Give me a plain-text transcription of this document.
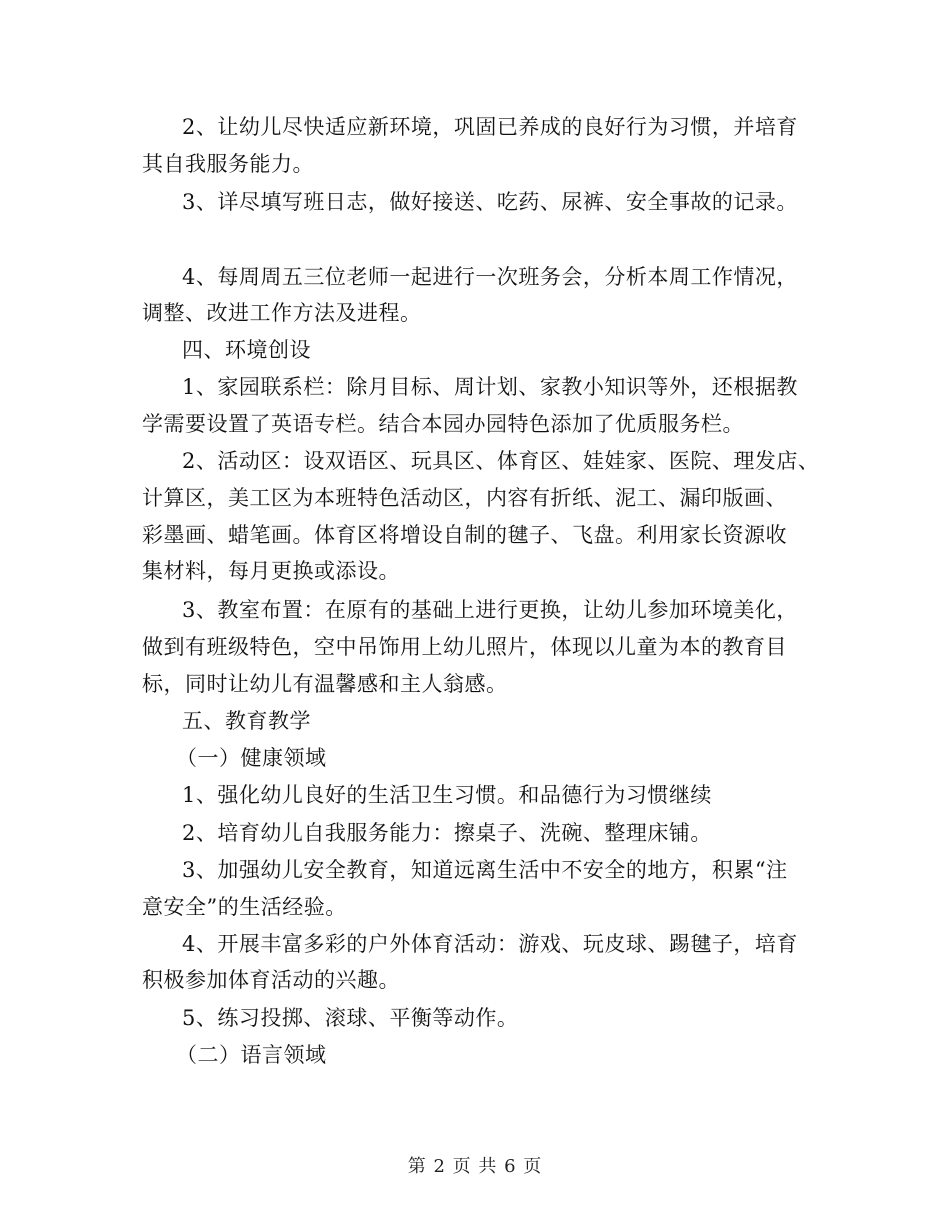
2、让幼儿尽快适应新环境，巩固已养成的良好行为习惯，并培育
其自我服务能力。
3、详尽填写班日志，做好接送、吃药、尿裤、安全事故的记录。
4、每周周五三位老师一起进行一次班务会，分析本周工作情况，
调整、改进工作方法及进程。
四、环境创设
1、家园联系栏：除月目标、周计划、家教小知识等外，还根据教
学需要设置了英语专栏。结合本园办园特色添加了优质服务栏。
2、活动区：设双语区、玩具区、体育区、娃娃家、医院、理发店、
计算区，美工区为本班特色活动区，内容有折纸、泥工、漏印版画、
彩墨画、蜡笔画。体育区将增设自制的毽子、飞盘。利用家长资源收
集材料，每月更换或添设。
3、教室布置：在原有的基础上进行更换，让幼儿参加环境美化，
做到有班级特色，空中吊饰用上幼儿照片，体现以儿童为本的教育目
标，同时让幼儿有温馨感和主人翁感。
五、教育教学
（一）健康领域
1、强化幼儿良好的生活卫生习惯。和品德行为习惯继续
2、培育幼儿自我服务能力：擦桌子、洗碗、整理床铺。
3、加强幼儿安全教育，知道远离生活中不安全的地方，积累“注
意安全”的生活经验。
4、开展丰富多彩的户外体育活动：游戏、玩皮球、踢毽子，培育
积极参加体育活动的兴趣。
5、练习投掷、滚球、平衡等动作。
（二）语言领域
第 2 页 共 6 页
